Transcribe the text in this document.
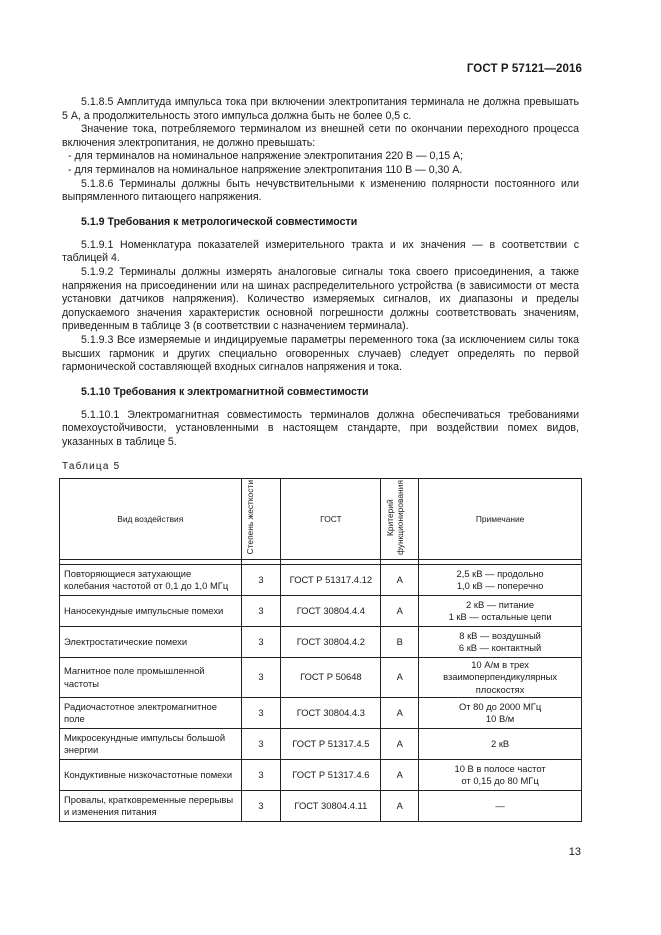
ГОСТ Р 57121—2016

5.1.8.5 Амплитуда импульса тока при включении электропитания терминала не должна превышать 5 А, а продолжительность этого импульса должна быть не более 0,5 с.

Значение тока, потребляемого терминалом из внешней сети по окончании переходного процесса включения электропитания, не должно превышать:

- для терминалов на номинальное напряжение электропитания 220 В — 0,15 А;

- для терминалов на номинальное напряжение электропитания 110 В — 0,30 А.

5.1.8.6 Терминалы должны быть нечувствительными к изменению полярности постоянного или выпрямленного питающего напряжения.

5.1.9 Требования к метрологической совместимости

5.1.9.1 Номенклатура показателей измерительного тракта и их значения — в соответствии с таблицей 4.

5.1.9.2 Терминалы должны измерять аналоговые сигналы тока своего присоединения, а также напряжения на присоединении или на шинах распределительного устройства (в зависимости от места установки датчиков напряжения). Количество измеряемых сигналов, их диапазоны и пределы допускаемого значения характеристик основной погрешности должны соответствовать значениям, приведенным в таблице 3 (в соответствии с назначением терминала).

5.1.9.3 Все измеряемые и индицируемые параметры переменного тока (за исключением силы тока высших гармоник и других специально оговоренных случаев) следует определять по первой гармонической составляющей входных сигналов напряжения и тока.

5.1.10 Требования к электромагнитной совместимости

5.1.10.1 Электромагнитная совместимость терминалов должна обеспечиваться требованиями помехоустойчивости, установленными в настоящем стандарте, при воздействии помех видов, указанных в таблице 5.

Таблица 5
Вид воздействия	Степень жесткости	ГОСТ	Критерий функционирования	Примечание

Повторяющиеся затухающие колебания частотой от 0,1 до 1,0 МГц	3	ГОСТ Р 51317.4.12	А	2,5 кВ — продольно
1,0 кВ — поперечно

Наносекундные импульсные помехи	3	ГОСТ 30804.4.4	А	2 кВ — питание
1 кВ — остальные цепи

Электростатические помехи	3	ГОСТ 30804.4.2	В	8 кВ — воздушный
6 кВ — контактный

Магнитное поле промышленной частоты	3	ГОСТ Р 50648	А	10 А/м в трех взаимоперпендикулярных плоскостях

Радиочастотное электромагнитное поле	3	ГОСТ 30804.4.3	А	От 80 до 2000 МГц
10 В/м

Микросекундные импульсы большой энергии	3	ГОСТ Р 51317.4.5	А	2 кВ

Кондуктивные низкочастотные помехи	3	ГОСТ Р 51317.4.6	А	10 В в полосе частот
от 0,15 до 80 МГц

Провалы, кратковременные перерывы и изменения питания	3	ГОСТ 30804.4.11	А	—
13
